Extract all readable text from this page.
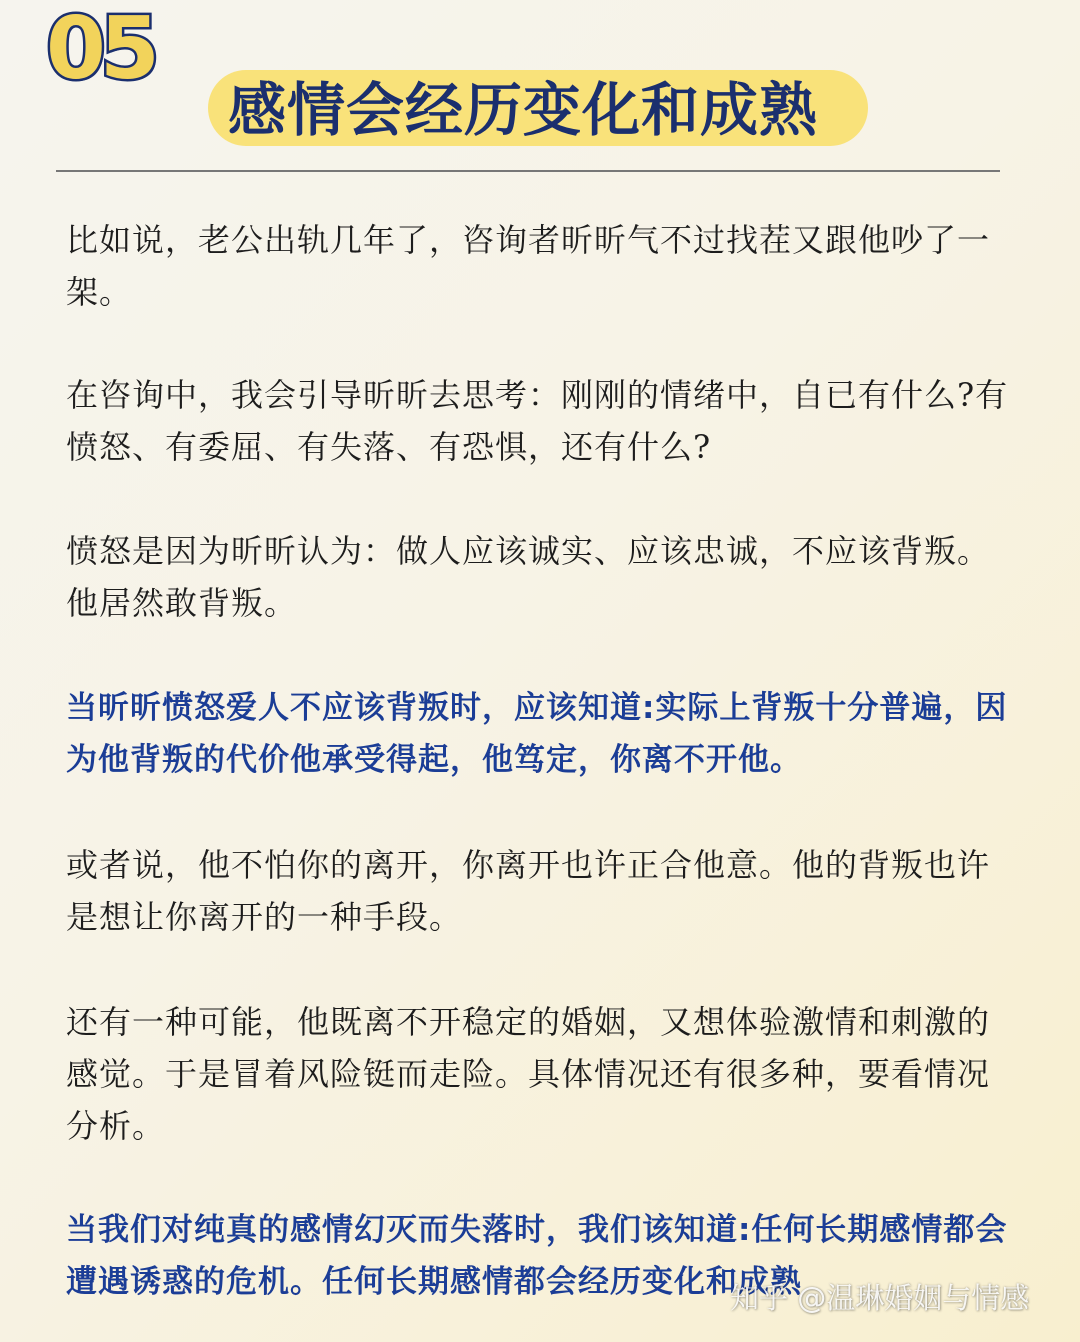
05
感情会经历变化和成熟

比如说，老公出轨几年了，咨询者昕昕气不过找茬又跟他吵了一架。

在咨询中，我会引导昕昕去思考：刚刚的情绪中，自已有什么?有愤怒、有委屈、有失落、有恐惧，还有什么?

愤怒是因为昕昕认为：做人应该诚实、应该忠诚，不应该背叛。他居然敢背叛。

当昕昕愤怒爱人不应该背叛时，应该知道:实际上背叛十分普遍，因为他背叛的代价他承受得起，他笃定，你离不开他。

或者说，他不怕你的离开，你离开也许正合他意。他的背叛也许是想让你离开的一种手段。

还有一种可能，他既离不开稳定的婚姻，又想体验激情和刺激的感觉。于是冒着风险铤而走险。具体情况还有很多种，要看情况分析。

当我们对纯真的感情幻灭而失落时，我们该知道:任何长期感情都会遭遇诱惑的危机。任何长期感情都会经历变化和成熟

知乎 @温琳婚姻与情感
